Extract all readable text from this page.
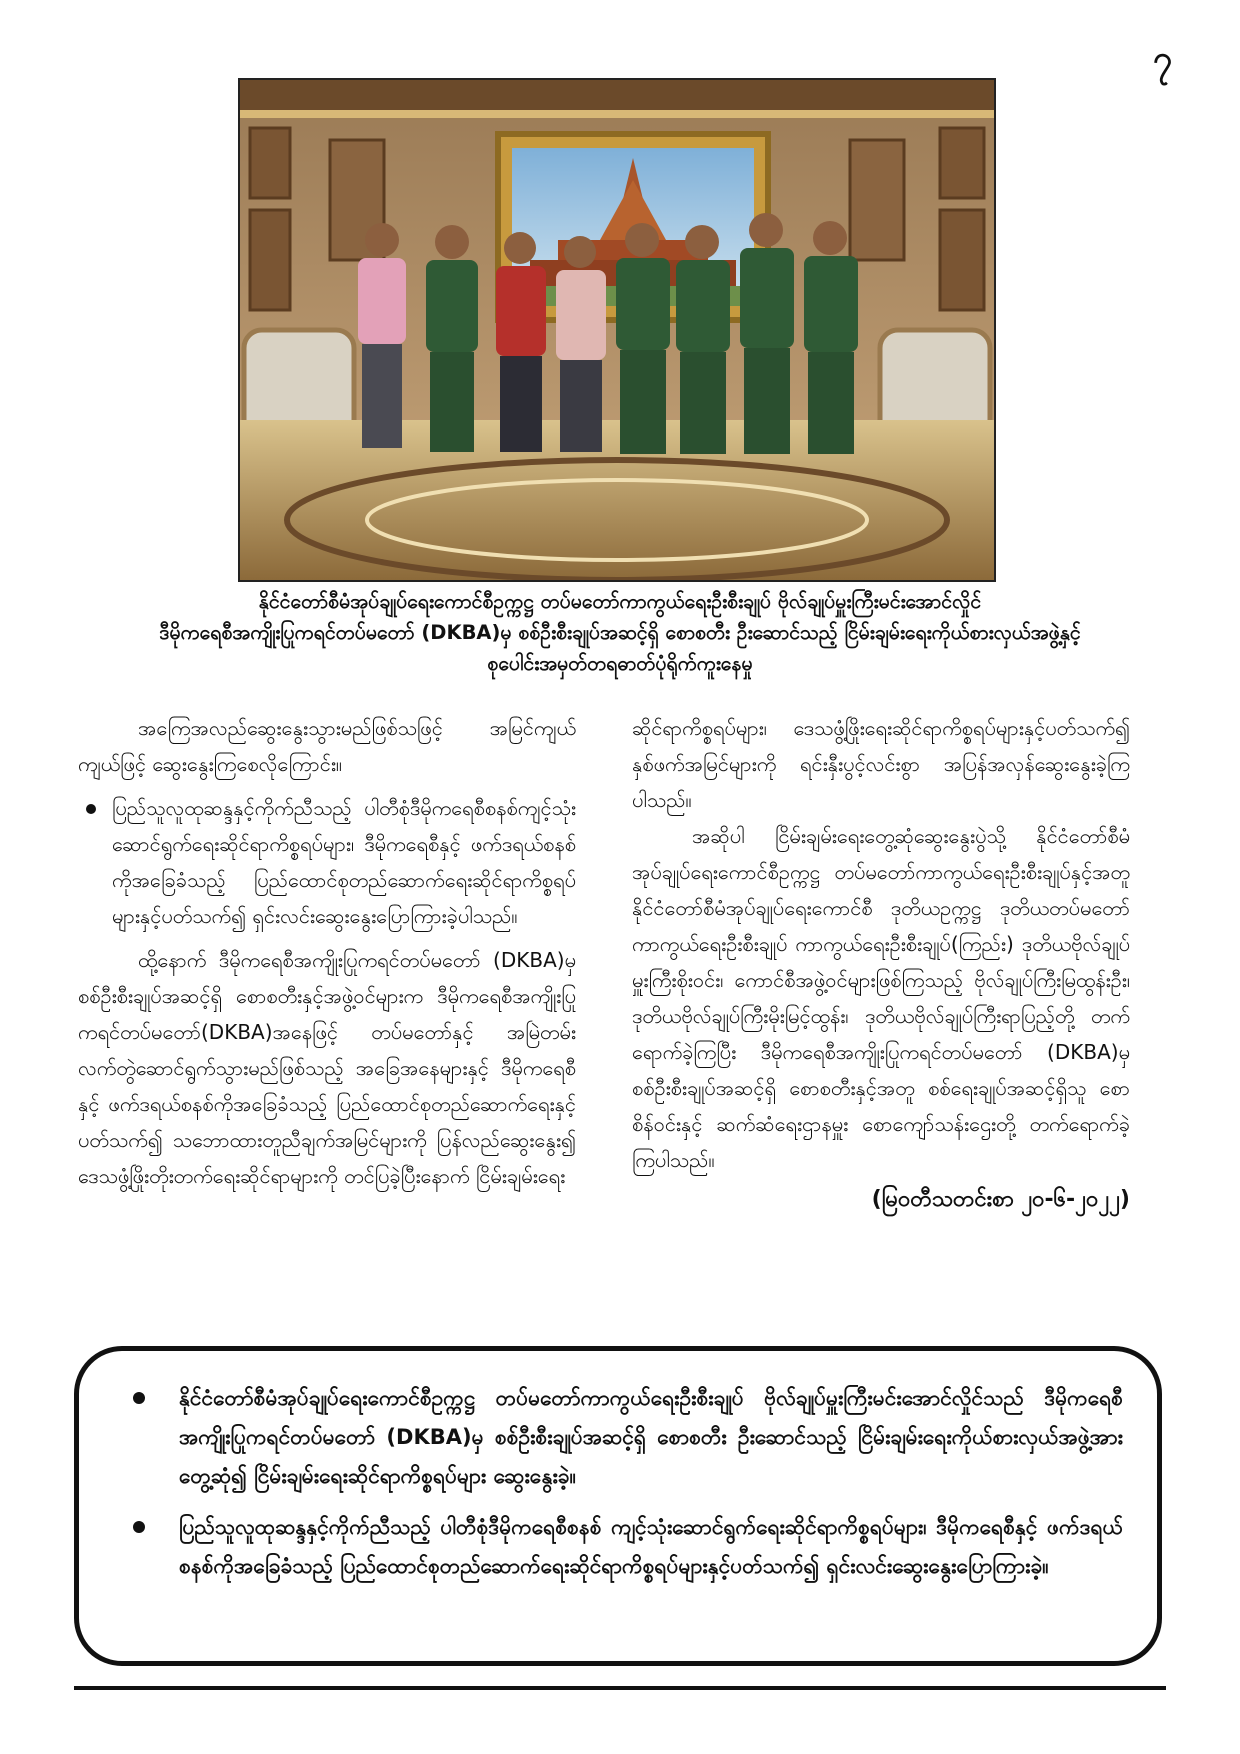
၇

နိုင်ငံတော်စီမံအုပ်ချုပ်ရေးကောင်စီဥက္ကဋ္ဌ တပ်မတော်ကာကွယ်ရေးဦးစီးချုပ် ဗိုလ်ချုပ်မှူးကြီးမင်းအောင်လှိုင်

ဒီမိုကရေစီအကျိုးပြုကရင်တပ်မတော် (DKBA)မှ စစ်ဦးစီးချုပ်အဆင့်ရှိ စောစတီး ဦးဆောင်သည့် ငြိမ်းချမ်းရေးကိုယ်စားလှယ်အဖွဲ့နှင့်

စုပေါင်းအမှတ်တရဓာတ်ပုံရိုက်ကူးနေမှု

အကြေအလည်ဆွေးနွေးသွားမည်ဖြစ်သဖြင့် အမြင်ကျယ်ကျယ်ဖြင့် ဆွေးနွေးကြစေလိုကြောင်း။

ပြည်သူလူထုဆန္ဒနှင့်ကိုက်ညီသည့် ပါတီစုံဒီမိုကရေစီစနစ်ကျင့်သုံးဆောင်ရွက်ရေးဆိုင်ရာကိစ္စရပ်များ၊ ဒီမိုကရေစီနှင့် ဖက်ဒရယ်စနစ်ကိုအခြေခံသည့် ပြည်ထောင်စုတည်ဆောက်ရေးဆိုင်ရာကိစ္စရပ်များနှင့်ပတ်သက်၍ ရှင်းလင်းဆွေးနွေးပြောကြားခဲ့ပါသည်။

ထို့နောက် ဒီမိုကရေစီအကျိုးပြုကရင်တပ်မတော် (DKBA)မှ စစ်ဦးစီးချုပ်အဆင့်ရှိ စောစတီးနှင့်အဖွဲ့ဝင်များက ဒီမိုကရေစီအကျိုးပြုကရင်တပ်မတော်(DKBA)အနေဖြင့် တပ်မတော်နှင့် အမြဲတမ်းလက်တွဲဆောင်ရွက်သွားမည်ဖြစ်သည့် အခြေအနေများနှင့် ဒီမိုကရေစီနှင့် ဖက်ဒရယ်စနစ်ကိုအခြေခံသည့် ပြည်ထောင်စုတည်ဆောက်ရေးနှင့်ပတ်သက်၍ သဘောထားတူညီချက်အမြင်များကို ပြန်လည်ဆွေးနွေး၍ ဒေသဖွံ့ဖြိုးတိုးတက်ရေးဆိုင်ရာများကို တင်ပြခဲ့ပြီးနောက် ငြိမ်းချမ်းရေး

ဆိုင်ရာကိစ္စရပ်များ၊ ဒေသဖွံ့ဖြိုးရေးဆိုင်ရာကိစ္စရပ်များနှင့်ပတ်သက်၍ နှစ်ဖက်အမြင်များကို ရင်းနှီးပွင့်လင်းစွာ အပြန်အလှန်ဆွေးနွေးခဲ့ကြပါသည်။

အဆိုပါ ငြိမ်းချမ်းရေးတွေ့ဆုံဆွေးနွေးပွဲသို့ နိုင်ငံတော်စီမံအုပ်ချုပ်ရေးကောင်စီဥက္ကဋ္ဌ တပ်မတော်ကာကွယ်ရေးဦးစီးချုပ်နှင့်အတူ နိုင်ငံတော်စီမံအုပ်ချုပ်ရေးကောင်စီ ဒုတိယဥက္ကဋ္ဌ ဒုတိယတပ်မတော်ကာကွယ်ရေးဦးစီးချုပ် ကာကွယ်ရေးဦးစီးချုပ်(ကြည်း) ဒုတိယဗိုလ်ချုပ်မှူးကြီးစိုးဝင်း၊ ကောင်စီအဖွဲ့ဝင်များဖြစ်ကြသည့် ဗိုလ်ချုပ်ကြီးမြထွန်းဦး၊ ဒုတိယဗိုလ်ချုပ်ကြီးမိုးမြင့်ထွန်း၊ ဒုတိယဗိုလ်ချုပ်ကြီးရာပြည့်တို့ တက်ရောက်ခဲ့ကြပြီး ဒီမိုကရေစီအကျိုးပြုကရင်တပ်မတော် (DKBA)မှ စစ်ဦးစီးချုပ်အဆင့်ရှိ စောစတီးနှင့်အတူ စစ်ရေးချုပ်အဆင့်ရှိသူ စောစိန်ဝင်းနှင့် ဆက်ဆံရေးဌာနမှူး စောကျော်သန်းဌေးတို့ တက်ရောက်ခဲ့ကြပါသည်။

(မြဝတီသတင်းစာ ၂၀-၆-၂၀၂၂)

နိုင်ငံတော်စီမံအုပ်ချုပ်ရေးကောင်စီဥက္ကဋ္ဌ တပ်မတော်ကာကွယ်ရေးဦးစီးချုပ် ဗိုလ်ချုပ်မှူးကြီးမင်းအောင်လှိုင်သည် ဒီမိုကရေစီအကျိုးပြုကရင်တပ်မတော် (DKBA)မှ စစ်ဦးစီးချုပ်အဆင့်ရှိ စောစတီး ဦးဆောင်သည့် ငြိမ်းချမ်းရေးကိုယ်စားလှယ်အဖွဲ့အား တွေ့ဆုံ၍ ငြိမ်းချမ်းရေးဆိုင်ရာကိစ္စရပ်များ ဆွေးနွေးခဲ့။
ပြည်သူလူထုဆန္ဒနှင့်ကိုက်ညီသည့် ပါတီစုံဒီမိုကရေစီစနစ် ကျင့်သုံးဆောင်ရွက်ရေးဆိုင်ရာကိစ္စရပ်များ၊ ဒီမိုကရေစီနှင့် ဖက်ဒရယ်စနစ်ကိုအခြေခံသည့် ပြည်ထောင်စုတည်ဆောက်ရေးဆိုင်ရာကိစ္စရပ်များနှင့်ပတ်သက်၍ ရှင်းလင်းဆွေးနွေးပြောကြားခဲ့။
